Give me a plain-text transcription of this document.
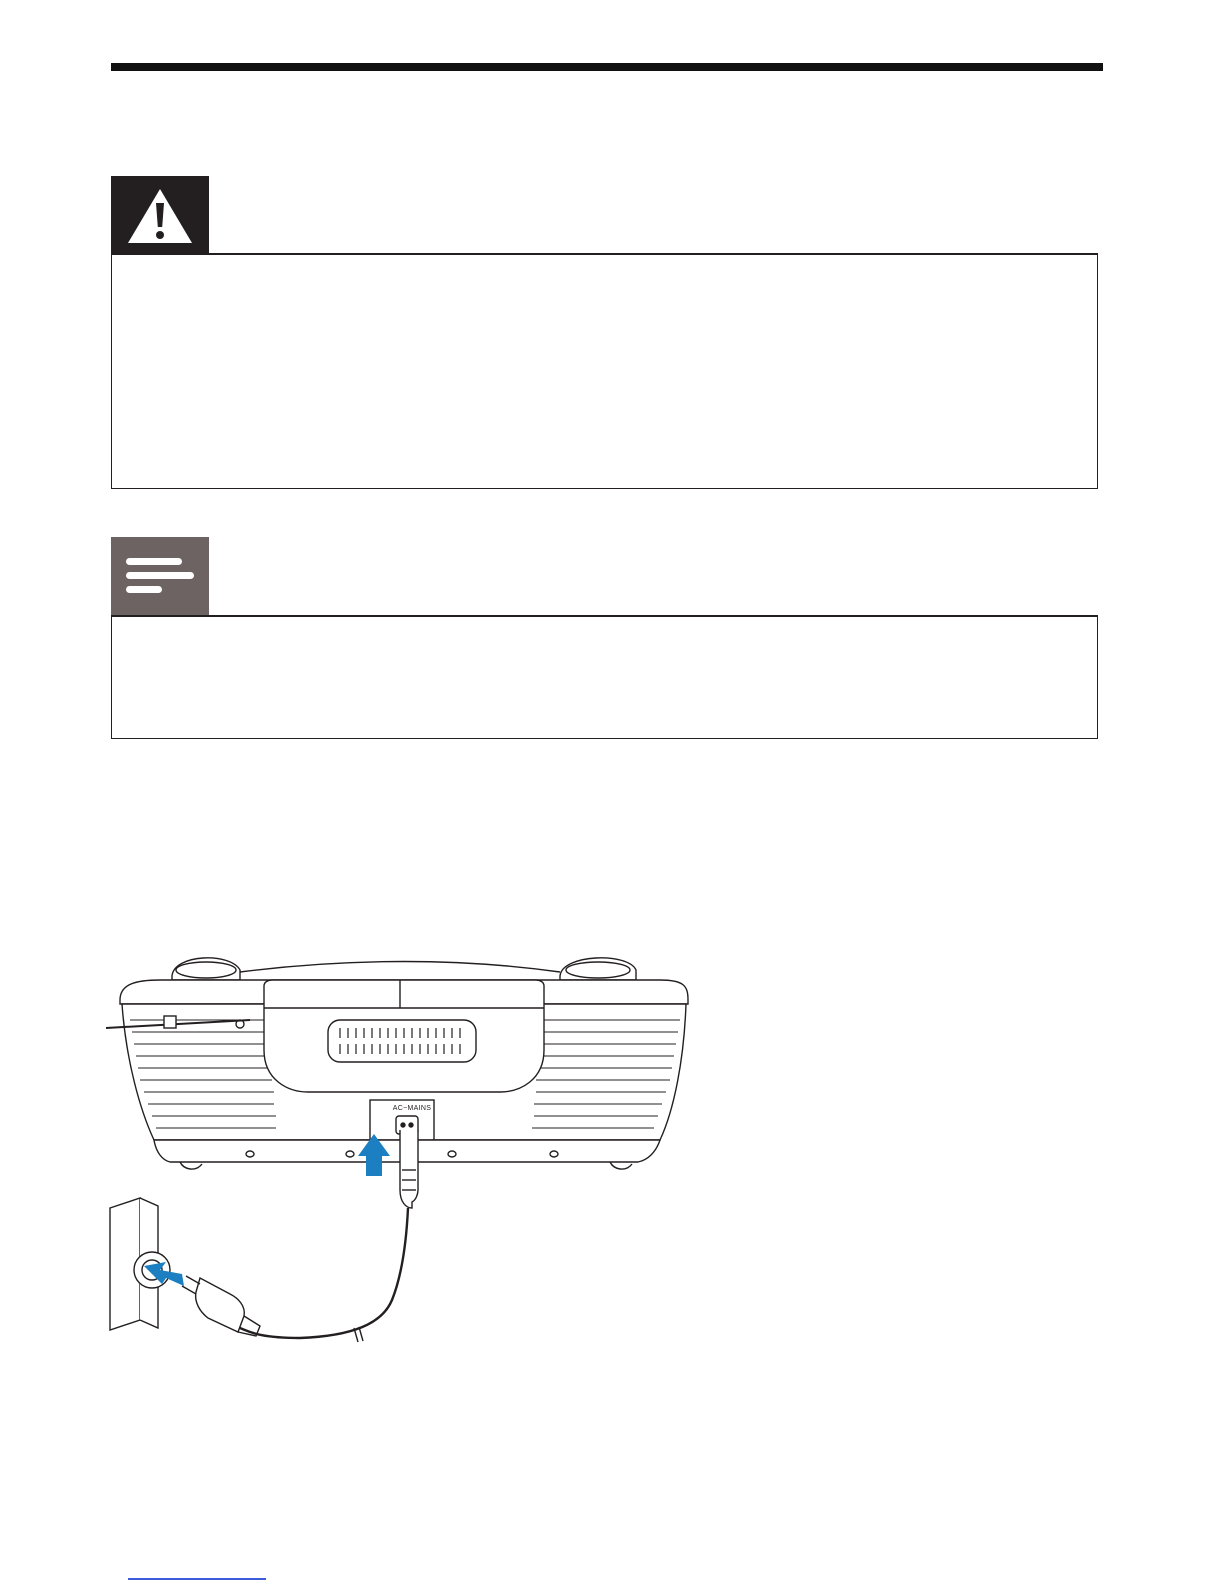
AC~MAINS
